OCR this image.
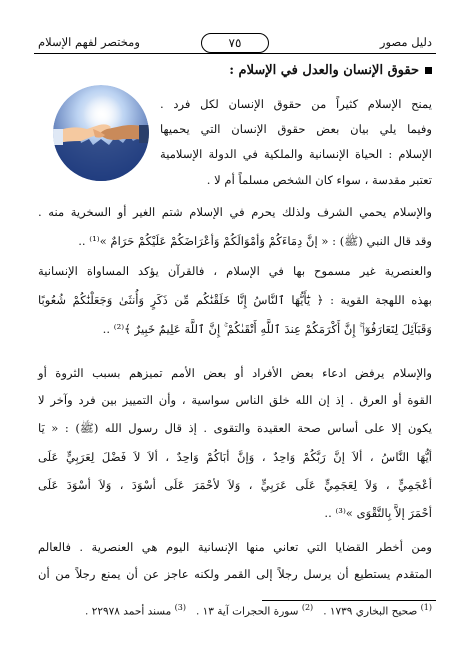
دليل مصور
٧٥
ومختصر لفهم الإسلام
حقوق الإنسان والعدل في الإسلام :
يمنح الإسلام كثيراً من حقوق الإنسان لكل فرد .
وفيما يلي بيان بعض حقوق الإنسان التي يحميها
الإسلام : الحياة الإنسانية والملكية في الدولة الإسلامية
تعتبر مقدسة ، سواء كان الشخص مسلماً أم لا .
والإسلام يحمي الشرف ولذلك يحرم في الإسلام شتم الغير أو السخرية منه .
وقد قال النبي (ﷺ) : « إنَّ دِمَاءَكُمْ وَأمْوَالَكُمْ وَأعْرَاضَكُمْ عَلَيْكُمْ حَرَامٌ »⁽¹⁾ ..
والعنصرية غير مسموح بها في الإسلام ، فالقرآن يؤكد المساواة الإنسانية
بهذه اللهجة القوية : ﴿ يَٰٓأَيُّهَا ٱلنَّاسُ إِنَّا خَلَقْنَٰكُم مِّن ذَكَرٍ وَأُنثَىٰ وَجَعَلْنَٰكُمْ شُعُوبًا
وَقَبَآئِلَ لِتَعَارَفُوٓا۟ ۚ إِنَّ أَكْرَمَكُمْ عِندَ ٱللَّهِ أَتْقَىٰكُمْ ۚ إِنَّ ٱللَّهَ عَلِيمٌ خَبِيرٌ ﴾⁽²⁾ ..
والإسلام يرفض ادعاء بعض الأفراد أو بعض الأمم تميزهم بسبب الثروة أو
القوة أو العرق . إذ إن الله خلق الناس سواسية ، وأن التمييز بين فرد وآخر لا
يكون إلا على أساس صحة العقيدة والتقوى . إذ قال رسول الله (ﷺ) : « يَا
أيُّهَا النَّاسُ ، ألاَ إنَّ رَبَّكُمْ وَاحِدٌ ، وَإنَّ أبَاكُمْ وَاحِدٌ ، ألاَ لاَ فَضْلَ لِعَرَبِيٍّ عَلَى
أعْجَمِيٍّ ، وَلاَ لِعَجَمِيٍّ عَلَى عَرَبِيٍّ ، وَلاَ لأحْمَرَ عَلَى أسْوَدَ ، وَلاَ أسْوَدَ عَلَى
أحْمَرَ إلاَّ بِالتَّقْوَى »⁽³⁾ ..
ومن أخطر القضايا التي تعاني منها الإنسانية اليوم هي العنصرية . فالعالم
المتقدم يستطيع أن يرسل رجلاً إلى القمر ولكنه عاجز عن أن يمنع رجلاً من أن
$^{(1)}$ صحيح البخاري ١٧٣٩ .   $^{(2)}$ سورة الحجرات آية ١٣ .   $^{(3)}$ مسند أحمد ٢٢٩٧٨ .
